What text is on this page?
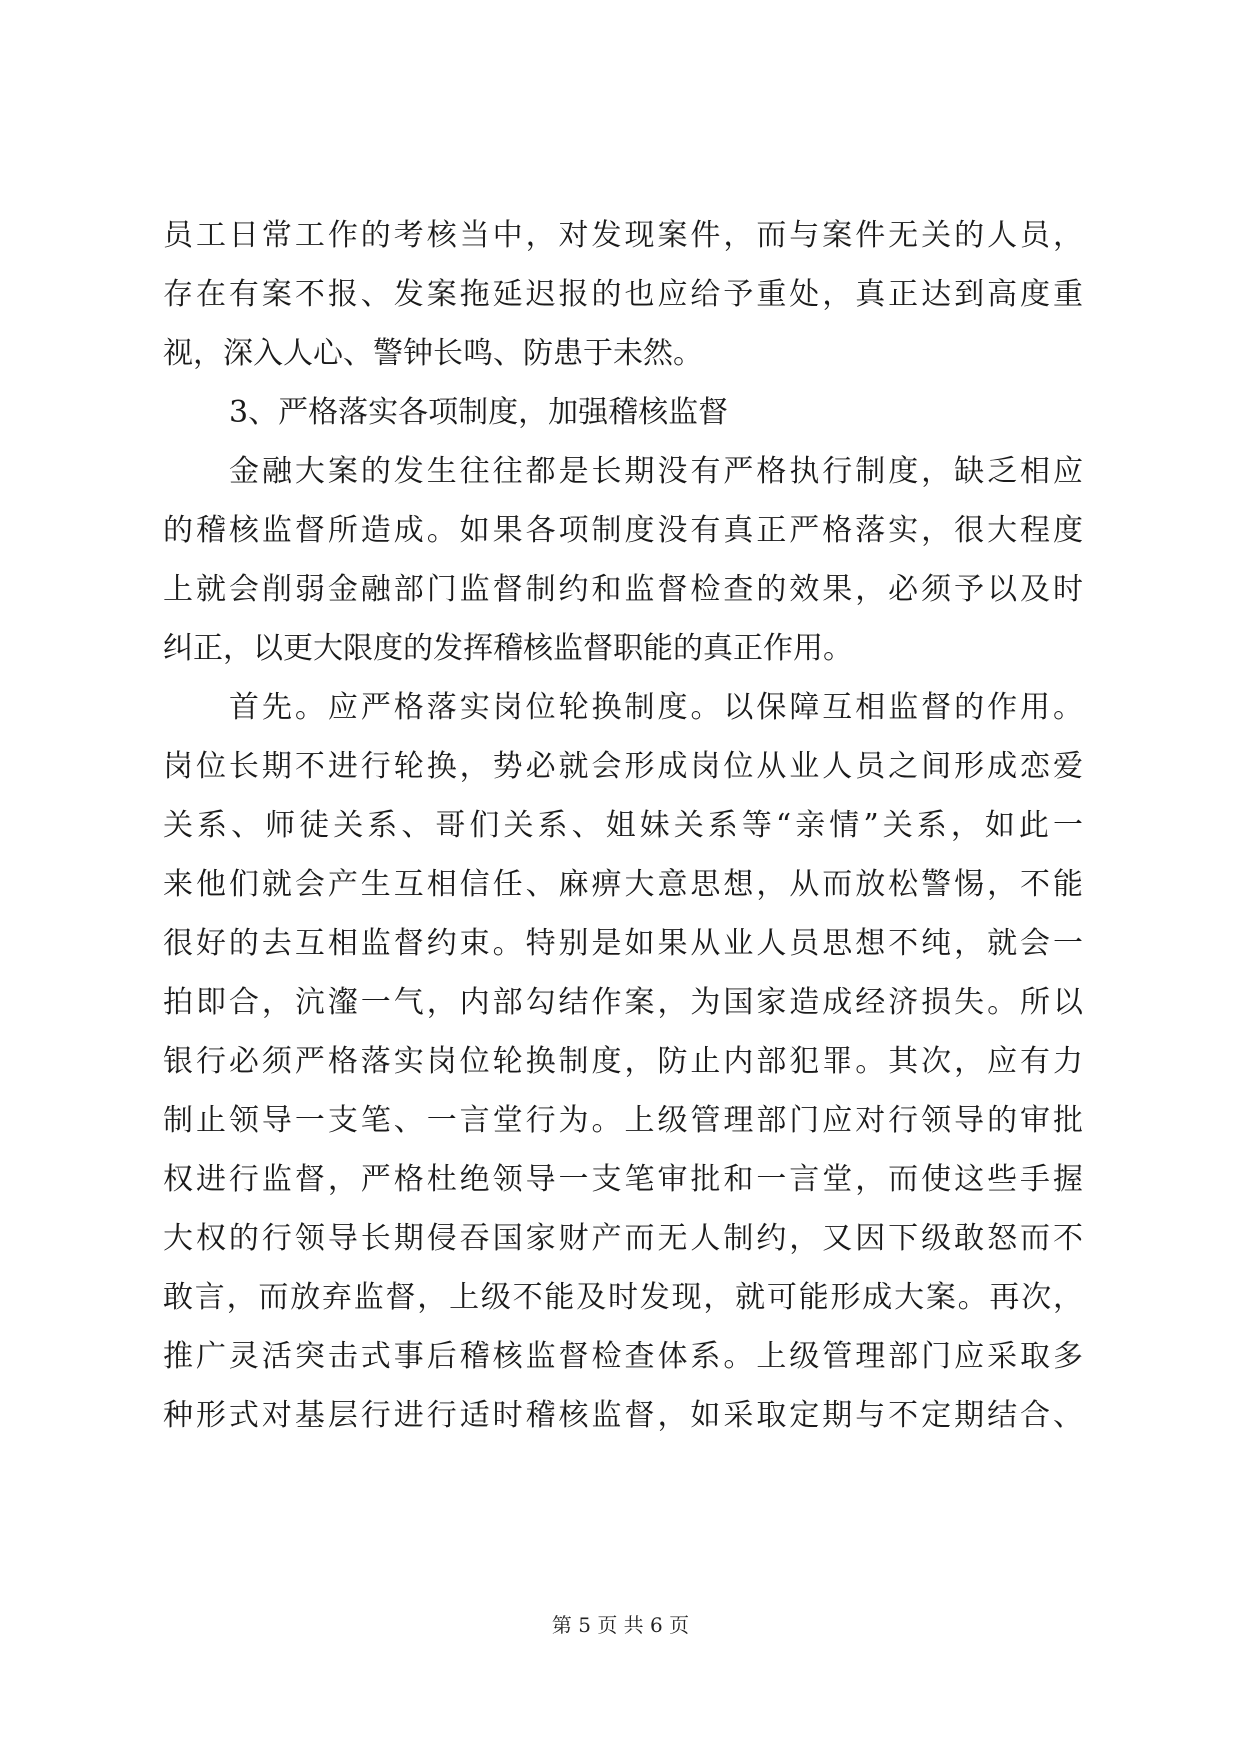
员工日常工作的考核当中，对发现案件，而与案件无关的人员，
存在有案不报、发案拖延迟报的也应给予重处，真正达到高度重
视，深入人心、警钟长鸣、防患于未然。
3、严格落实各项制度，加强稽核监督
金融大案的发生往往都是长期没有严格执行制度，缺乏相应
的稽核监督所造成。如果各项制度没有真正严格落实，很大程度
上就会削弱金融部门监督制约和监督检查的效果，必须予以及时
纠正，以更大限度的发挥稽核监督职能的真正作用。
首先。应严格落实岗位轮换制度。以保障互相监督的作用。
岗位长期不进行轮换，势必就会形成岗位从业人员之间形成恋爱
关系、师徒关系、哥们关系、姐妹关系等“亲情”关系，如此一
来他们就会产生互相信任、麻痹大意思想，从而放松警惕，不能
很好的去互相监督约束。特别是如果从业人员思想不纯，就会一
拍即合，沆瀣一气，内部勾结作案，为国家造成经济损失。所以
银行必须严格落实岗位轮换制度，防止内部犯罪。其次，应有力
制止领导一支笔、一言堂行为。上级管理部门应对行领导的审批
权进行监督，严格杜绝领导一支笔审批和一言堂，而使这些手握
大权的行领导长期侵吞国家财产而无人制约，又因下级敢怒而不
敢言，而放弃监督，上级不能及时发现，就可能形成大案。再次，
推广灵活突击式事后稽核监督检查体系。上级管理部门应采取多
种形式对基层行进行适时稽核监督，如采取定期与不定期结合、
第 5 页 共 6 页
